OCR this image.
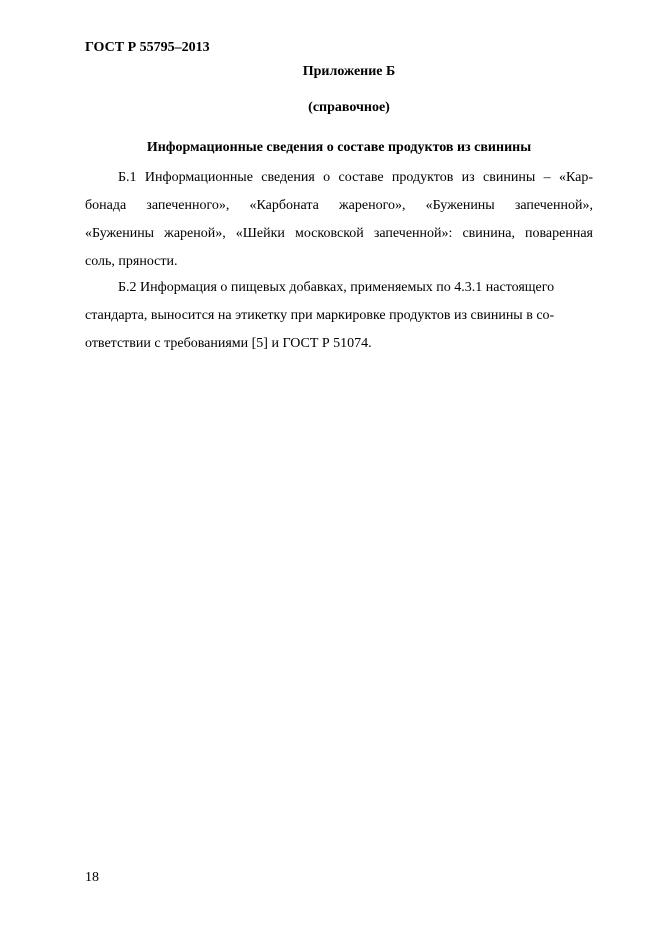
ГОСТ Р 55795–2013
Приложение Б
(справочное)
Информационные сведения о составе продуктов из свинины
Б.1 Информационные сведения о составе продуктов из свинины – «Кар-
бонада запеченного», «Карбоната жареного», «Буженины запеченной»,
«Буженины жареной», «Шейки московской запеченной»: свинина, поваренная
соль, пряности.
Б.2 Информация о пищевых добавках, применяемых по 4.3.1 настоящего
стандарта, выносится на этикетку при маркировке продуктов из свинины в со-
ответствии с требованиями [5] и ГОСТ Р 51074.
18
